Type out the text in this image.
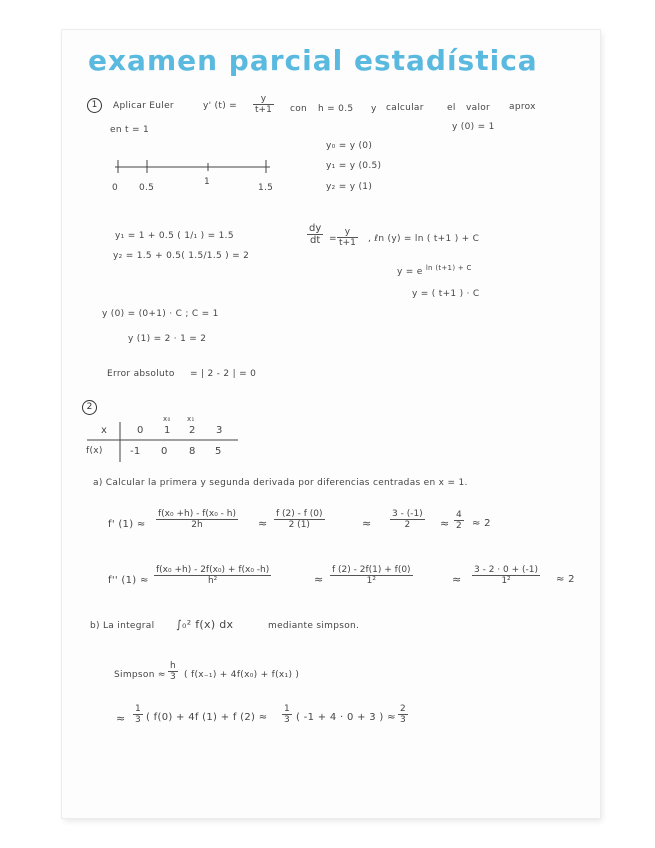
examen parcial estadística
1	Aplicar Euler	y' $(t) = \frac{y}{t+1}$ con h = 0.5 y calcular	el valor aprox
en t = 1	y (0) = 1
0 0.5
1
1.5
y₀ = y (0)
y₁ = y (0.5)
y₂ = y (1)
y₁ = 1 + 0.5 ( 1/₁ ) = 1.5
y₂ = 1.5 + 0.5( 1.5/1.5 ) = 2
$\frac{dy}{dt} = \frac{y}{t+1}$ , ℓn (y) = ln ( t+1 ) + C
y = e $^{ln (t+1) + C}$
y = ( t+1 ) · C
y (0) = (0+1) · C ; C = 1
y (1) = 2 · 1 = 2
Error absoluto = | 2 - 2 | = 0
2
x₀ x₁
x	0 1 2 3
f(x)	-1 0 8 5
a) Calcular la primera y segunda derivada por diferencias centradas en x = 1.
f' $(1) \approx \frac{\text{f(x₀ +h) - f(x₀ - h)}}{2h} \approx \frac{f (2) - f (0)}{2 (1)}$	≈ $\frac{3 - (-1)}{2} \approx \frac{4}{2} \approx 2$
f'' $(1) \approx \frac{\text{f(x₀ +h) - 2f(x₀) + f(x₀ -h)}}{\text{h²}}$	≈ $\frac{f (2) - 2f(1) + f(0)}{\text{1²}}$	≈ $\frac{3 - 2 \cdot 0 + (-1)}{\text{1²}} \approx 2$
b) La integral ∫₀² f(x) dx	mediante simpson.
Simpson ≈ $\frac{h}{3}$ ( f(x₋₁) + 4f(x₀) + f(x₁) )
≈ $\frac{1}{3}$ ( f(0) + 4f (1) + f $(2) \approx \frac{1}{3}$ ( -1 + 4 · 0 + 3 ) ≈ $\frac{2}{3}$
